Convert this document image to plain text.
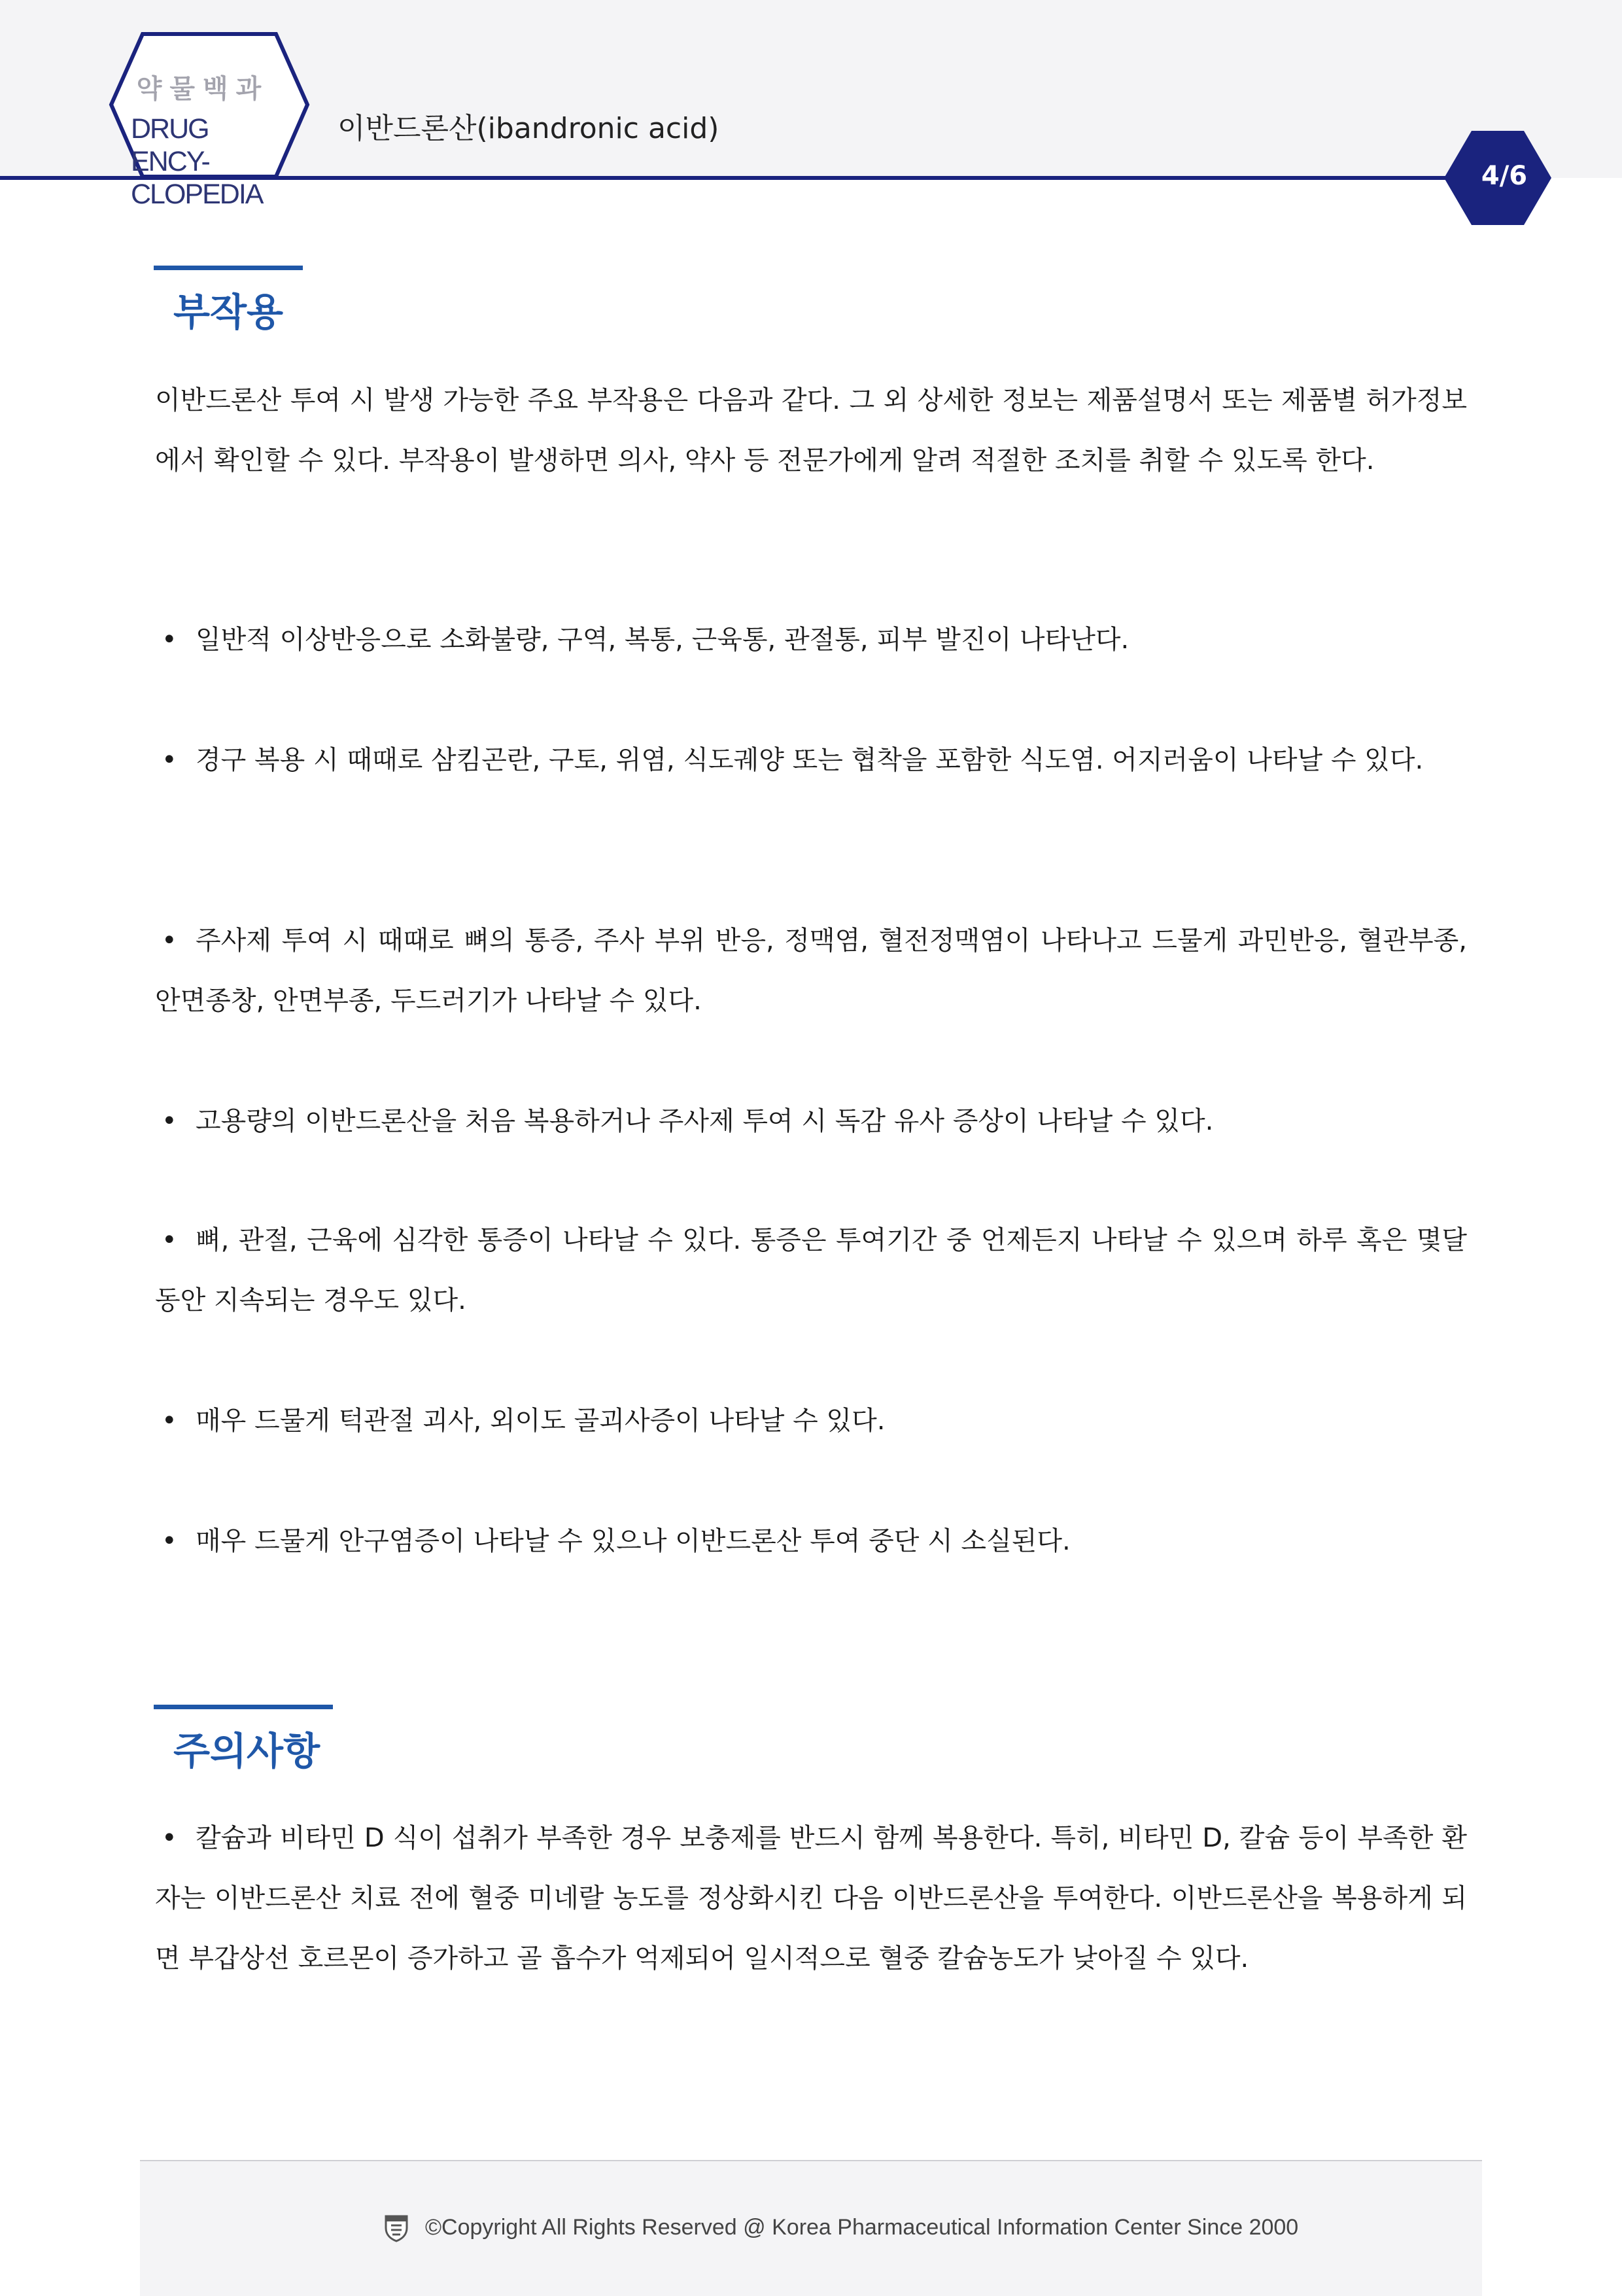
약물백과
DRUG ENCY-
CLOPEDIA
이반드론산(ibandronic acid)
4/6
부작용
이반드론산 투여 시 발생 가능한 주요 부작용은 다음과 같다. 그 외 상세한 정보는 제품설명서 또는 제품별 허가정보에서 확인할 수 있다. 부작용이 발생하면 의사, 약사 등 전문가에게 알려 적절한 조치를 취할 수 있도록 한다.
• 일반적 이상반응으로 소화불량, 구역, 복통, 근육통, 관절통, 피부 발진이 나타난다.
• 경구 복용 시 때때로 삼킴곤란, 구토, 위염, 식도궤양 또는 협착을 포함한 식도염. 어지러움이 나타날 수 있다.
• 주사제 투여 시 때때로 뼈의 통증, 주사 부위 반응, 정맥염, 혈전정맥염이 나타나고 드물게 과민반응, 혈관부종, 안면종창, 안면부종, 두드러기가 나타날 수 있다.
• 고용량의 이반드론산을 처음 복용하거나 주사제 투여 시 독감 유사 증상이 나타날 수 있다.
• 뼈, 관절, 근육에 심각한 통증이 나타날 수 있다. 통증은 투여기간 중 언제든지 나타날 수 있으며 하루 혹은 몇달 동안 지속되는 경우도 있다.
• 매우 드물게 턱관절 괴사, 외이도 골괴사증이 나타날 수 있다.
• 매우 드물게 안구염증이 나타날 수 있으나 이반드론산 투여 중단 시 소실된다.
주의사항
• 칼슘과 비타민 D 식이 섭취가 부족한 경우 보충제를 반드시 함께 복용한다. 특히, 비타민 D, 칼슘 등이 부족한 환자는 이반드론산 치료 전에 혈중 미네랄 농도를 정상화시킨 다음 이반드론산을 투여한다. 이반드론산을 복용하게 되면 부갑상선 호르몬이 증가하고 골 흡수가 억제되어 일시적으로 혈중 칼슘농도가 낮아질 수 있다.
©Copyright All Rights Reserved @ Korea Pharmaceutical Information Center Since 2000
